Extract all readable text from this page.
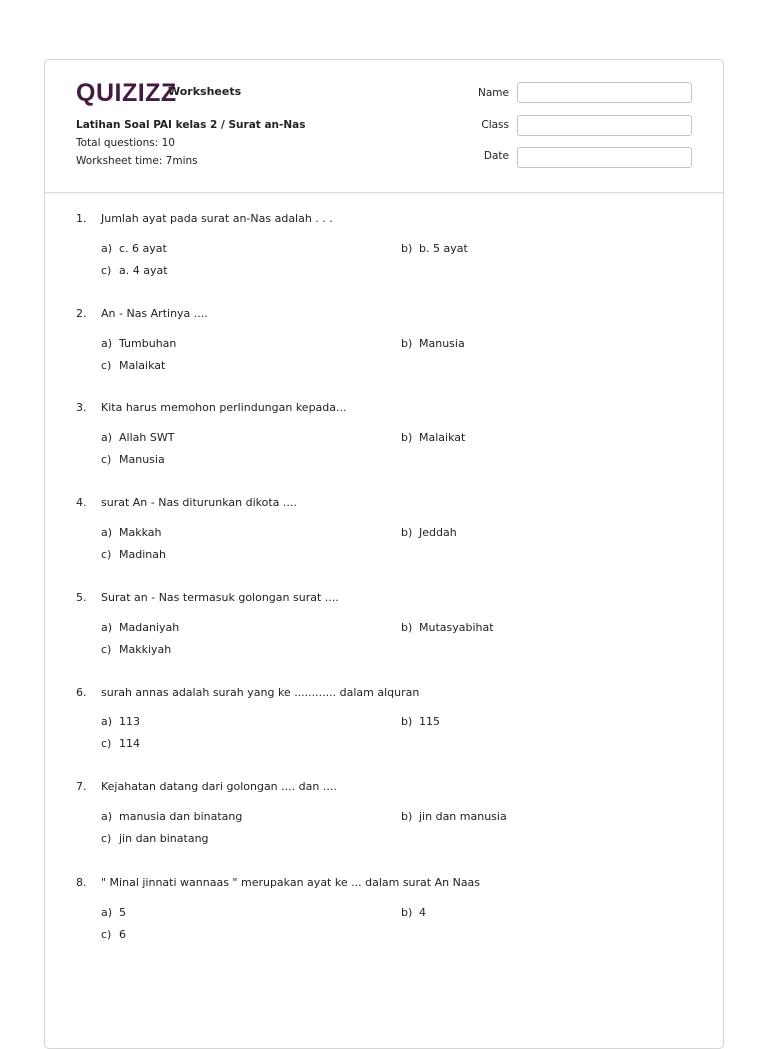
QUIZIZZ
Worksheets
Latihan Soal PAI kelas 2 / Surat an-Nas
Total questions: 10
Worksheet time: 7mins
Name
Class
Date
1. Jumlah ayat pada surat an-Nas adalah . . .
a) c. 6 ayat	b) b. 5 ayat
c) a. 4 ayat
2. An - Nas Artinya ....
a) Tumbuhan	b) Manusia
c) Malaikat
3. Kita harus memohon perlindungan kepada...
a) Allah SWT	b) Malaikat
c) Manusia
4. surat An - Nas diturunkan dikota ....
a) Makkah	b) Jeddah
c) Madinah
5. Surat an - Nas termasuk golongan surat ....
a) Madaniyah	b) Mutasyabihat
c) Makkiyah
6. surah annas adalah surah yang ke ............ dalam alquran
a) 113	b) 115
c) 114
7. Kejahatan datang dari golongan .... dan ....
a) manusia dan binatang	b) jin dan manusia
c) jin dan binatang
8. " Minal jinnati wannaas " merupakan ayat ke ... dalam surat An Naas
a) 5	b) 4
c) 6
